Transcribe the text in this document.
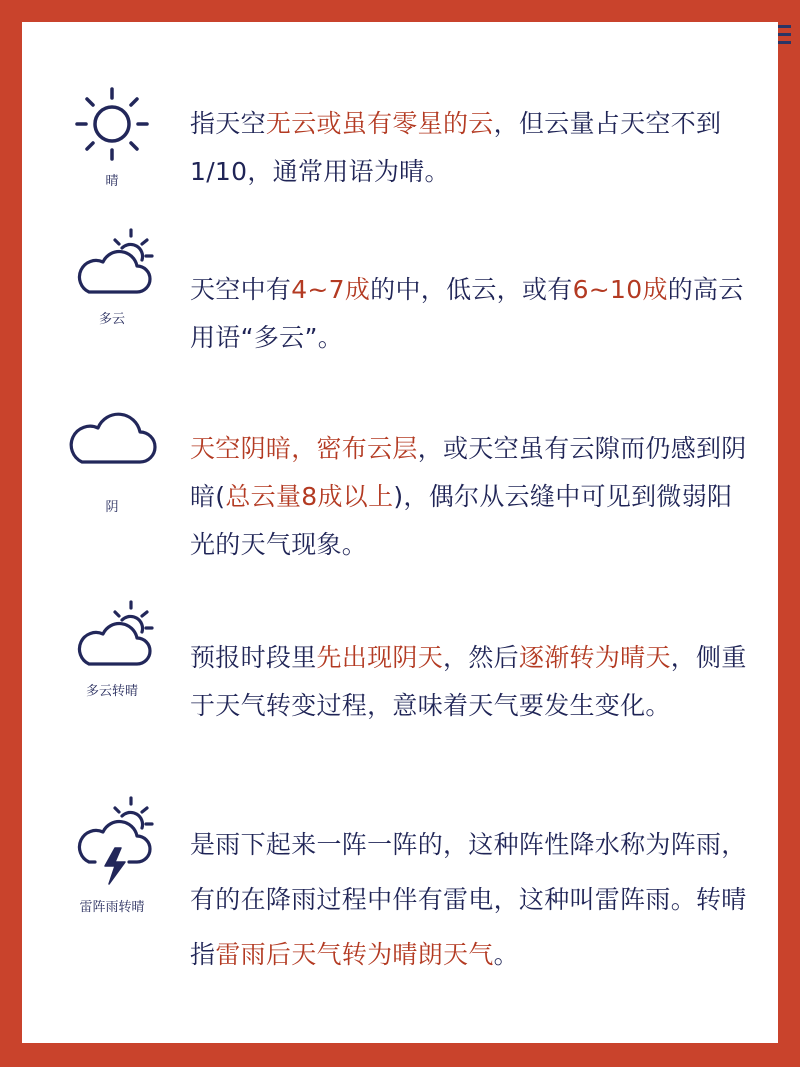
晴
指天空无云或虽有零星的云，但云量占天空不到1/10，通常用语为晴。
多云
天空中有4~7成的中，低云，或有6~10成的高云用语“多云”。
阴
天空阴暗，密布云层，或天空虽有云隙而仍感到阴暗(总云量8成以上)，偶尔从云缝中可见到微弱阳光的天气现象。
多云转晴
预报时段里先出现阴天，然后逐渐转为晴天，侧重于天气转变过程，意味着天气要发生变化。
雷阵雨转晴
是雨下起来一阵一阵的，这种阵性降水称为阵雨，有的在降雨过程中伴有雷电，这种叫雷阵雨。转晴指雷雨后天气转为晴朗天气。
